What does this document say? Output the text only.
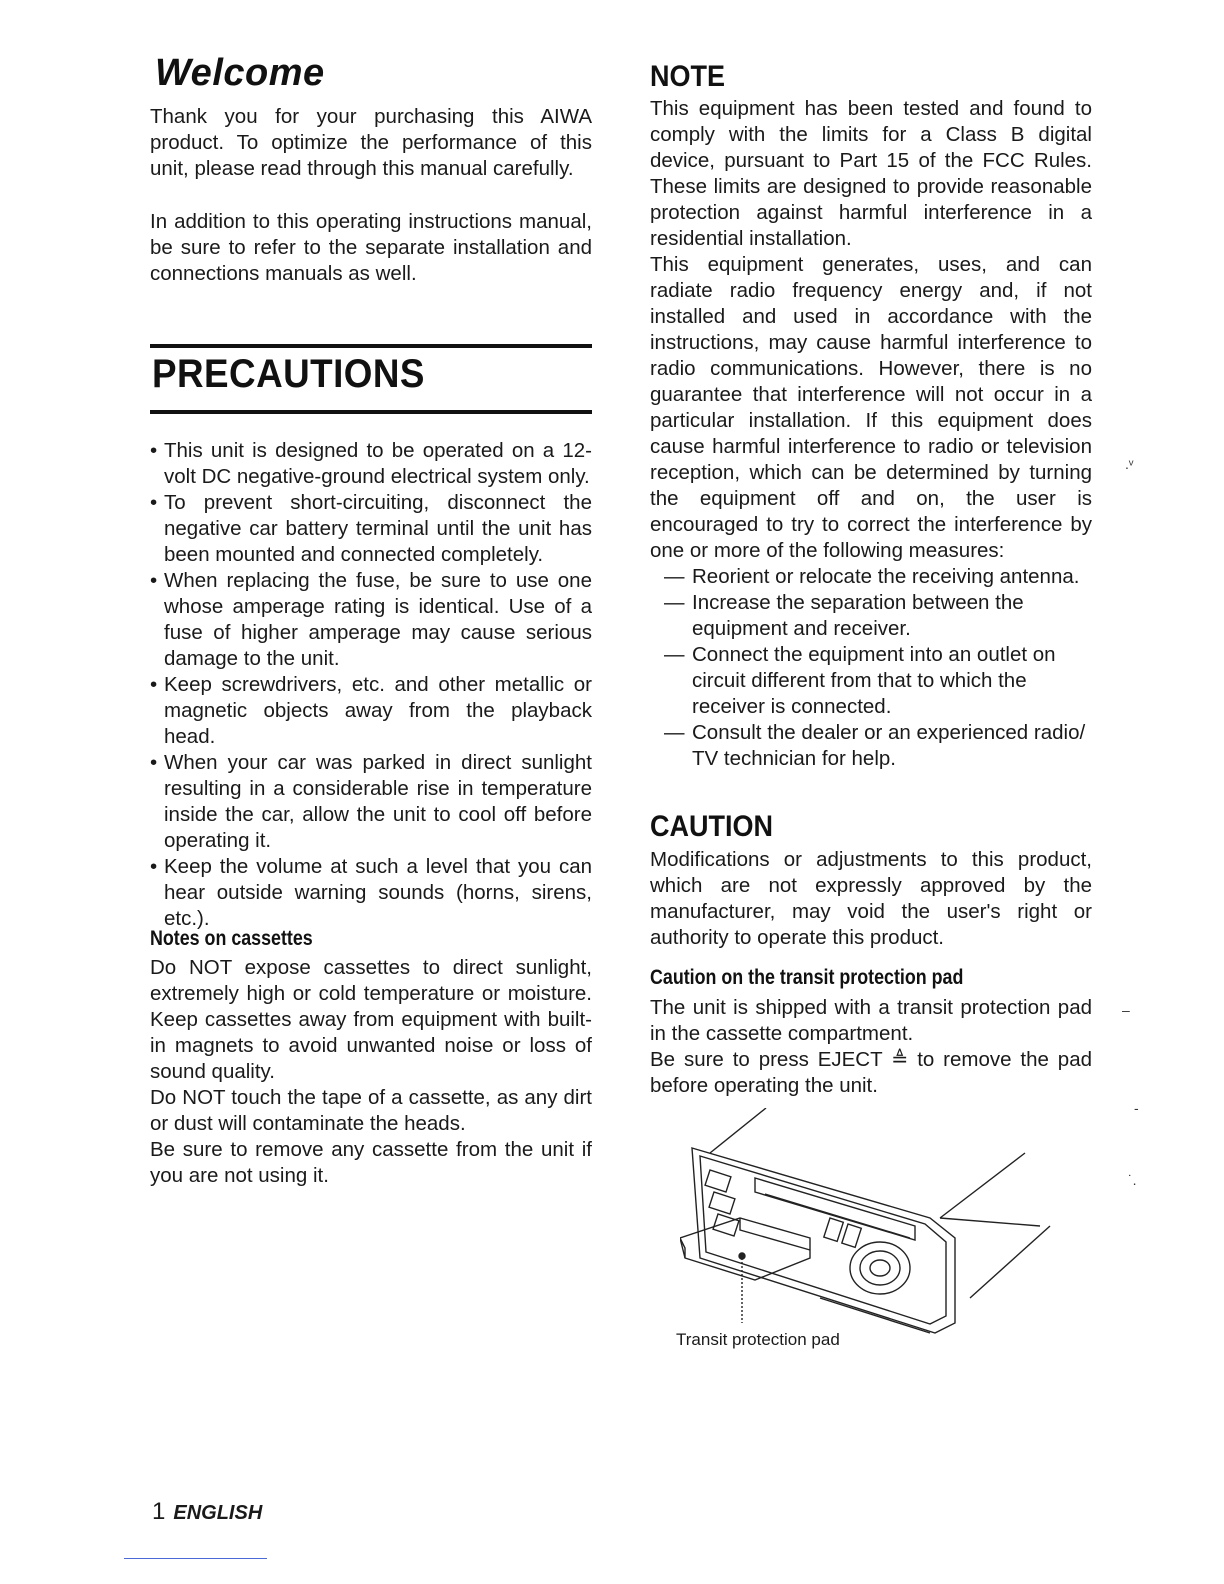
Welcome

Thank you for your purchasing this AIWA product. To optimize the performance of this unit, please read through this manual carefully.

In addition to this operating instructions manual, be sure to refer to the separate installation and connections manuals as well.

PRECAUTIONS
• This unit is designed to be operated on a 12-volt DC negative-ground electrical system only.
• To prevent short-circuiting, disconnect the negative car battery terminal until the unit has been mounted and connected completely.
• When replacing the fuse, be sure to use one whose amperage rating is identical. Use of a fuse of higher amperage may cause serious damage to the unit.
• Keep screwdrivers, etc. and other metallic or magnetic objects away from the playback head.
• When your car was parked in direct sunlight resulting in a considerable rise in temperature inside the car, allow the unit to cool off before operating it.
• Keep the volume at such a level that you can hear outside warning sounds (horns, sirens, etc.).
Notes on cassettes

Do NOT expose cassettes to direct sunlight, extremely high or cold temperature or moisture. Keep cassettes away from equipment with built-in magnets to avoid unwanted noise or loss of sound quality.

Do NOT touch the tape of a cassette, as any dirt or dust will contaminate the heads.

Be sure to remove any cassette from the unit if you are not using it.

NOTE

This equipment has been tested and found to comply with the limits for a Class B digital device, pursuant to Part 15 of the FCC Rules. These limits are designed to provide reasonable protection against harmful interference in a residential installation.

This equipment generates, uses, and can radiate radio frequency energy and, if not installed and used in accordance with the instructions, may cause harmful interference to radio communications. However, there is no guarantee that interference will not occur in a particular installation. If this equipment does cause harmful interference to radio or television reception, which can be determined by turning the equipment off and on, the user is encouraged to try to correct the interference by one or more of the following measures:

— Reorient or relocate the receiving antenna.
— Increase the separation between the equipment and receiver.
— Connect the equipment into an outlet on circuit different from that to which the receiver is connected.
— Consult the dealer or an experienced radio/ TV technician for help.
CAUTION

Modifications or adjustments to this product, which are not expressly approved by the manufacturer, may void the user's right or authority to operate this product.

Caution on the transit protection pad

The unit is shipped with a transit protection pad in the cassette compartment.

Be sure to press EJECT ≜ to remove the pad before operating the unit.

Transit protection pad
1 ENGLISH
.ᵛ
–
-
˙.
